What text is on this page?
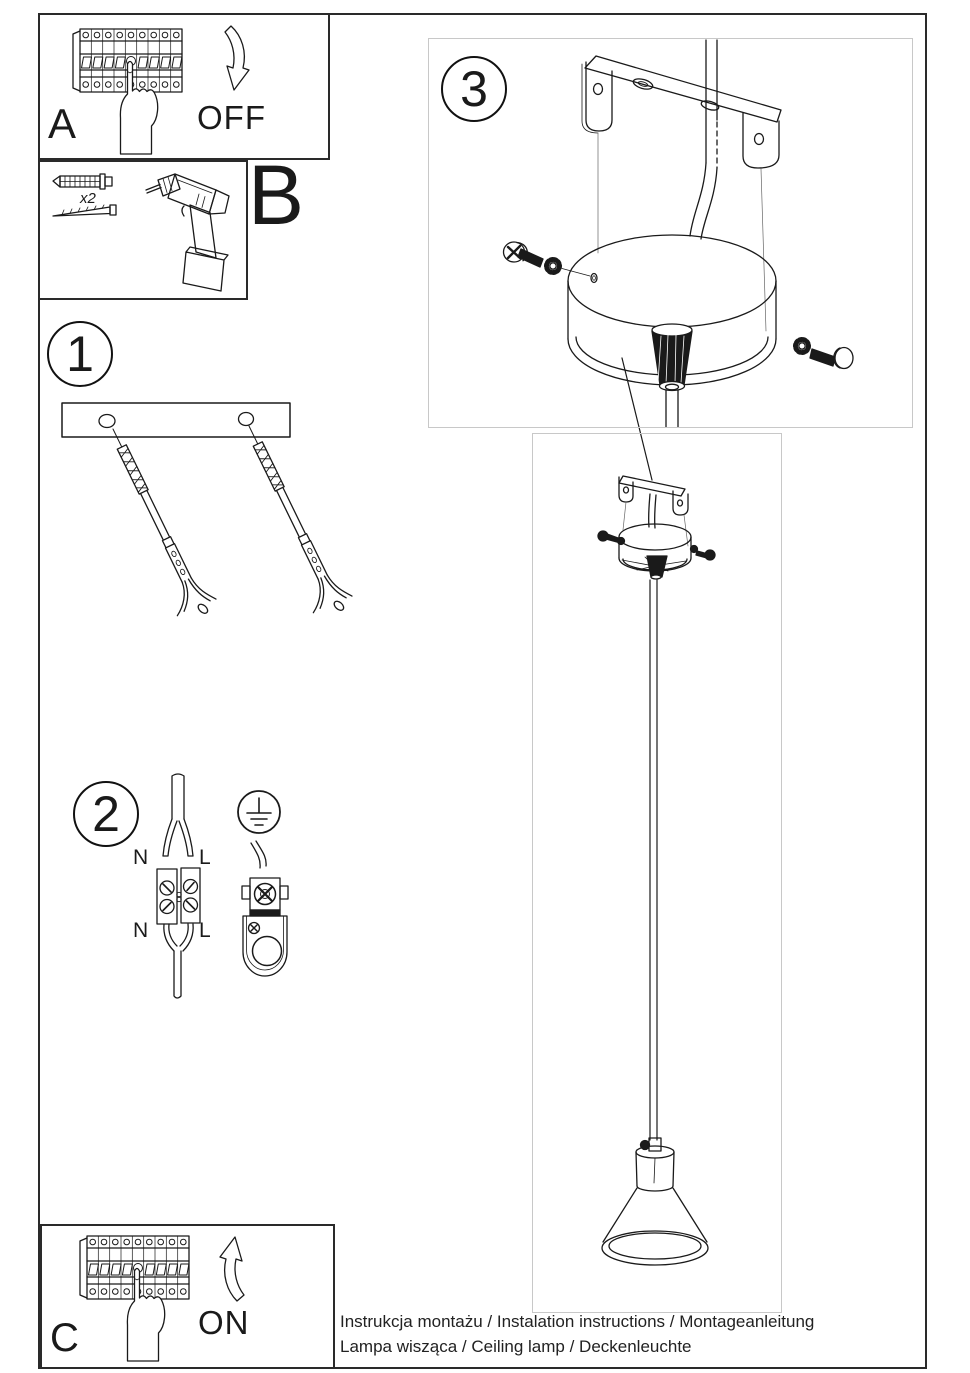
1
2
3
A	OFF
B
x2
C	ON
N L
N L
Instrukcja montażu / Instalation instructions / Montageanleitung
Lampa wisząca / Ceiling lamp / Deckenleuchte
